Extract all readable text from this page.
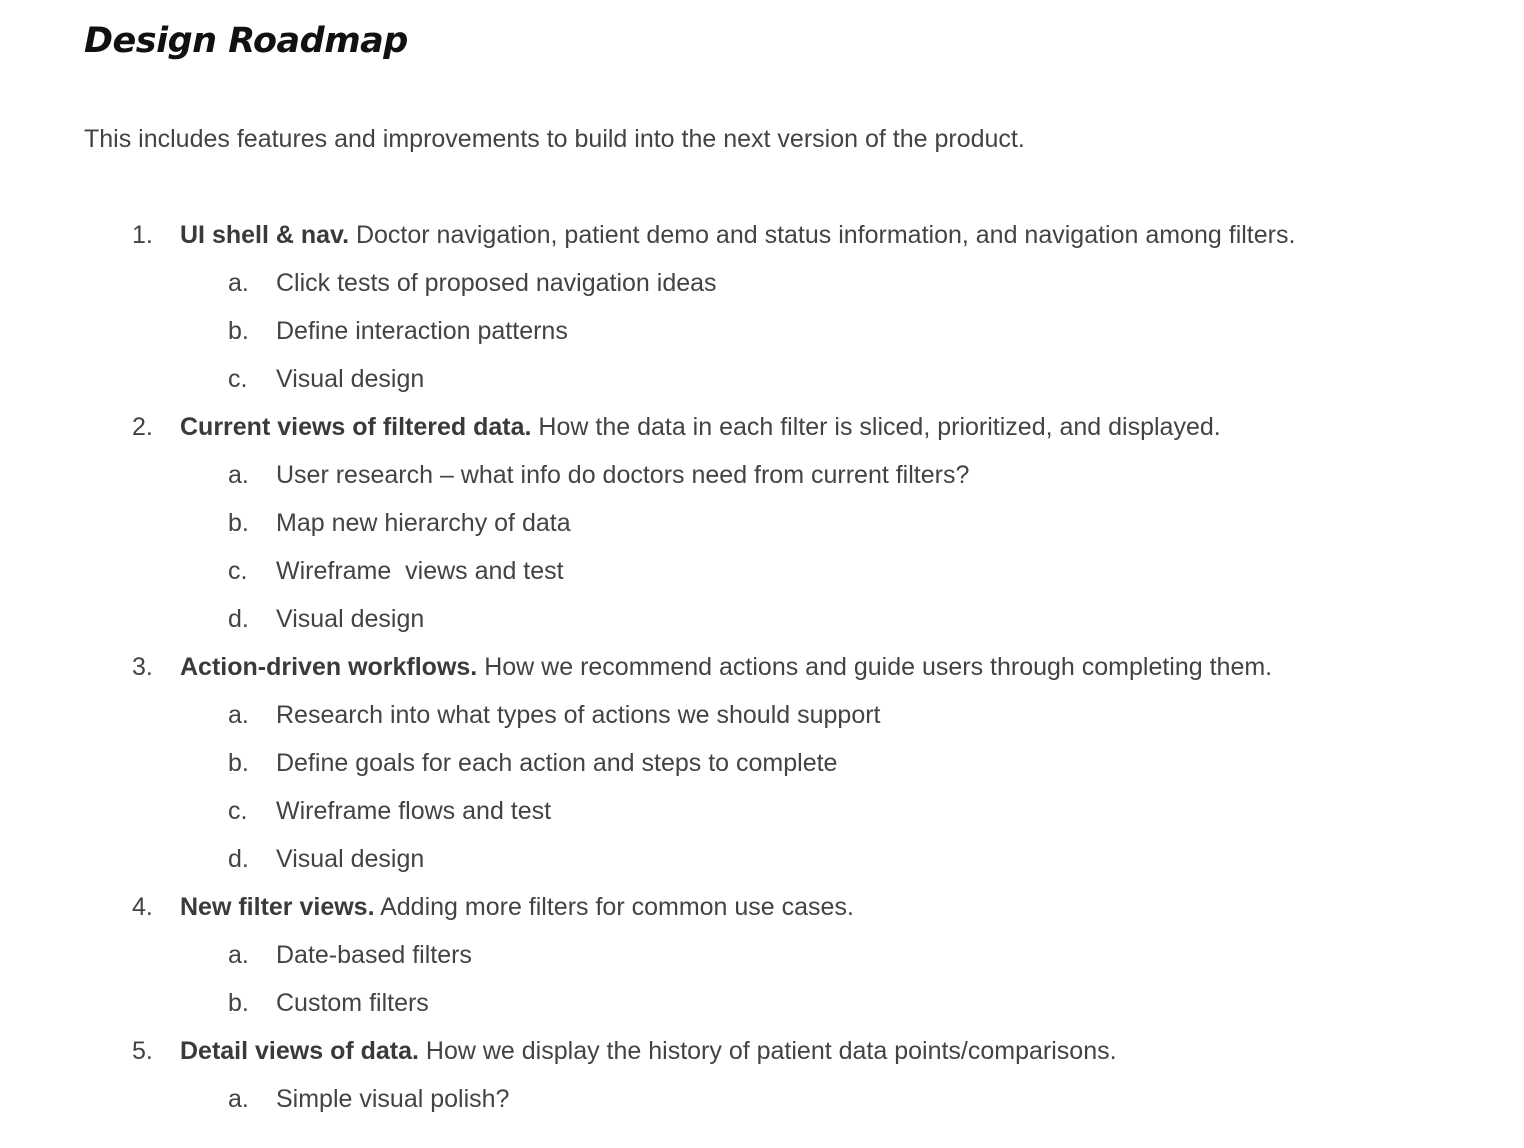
Design Roadmap

This includes features and improvements to build into the next version of the product.

1. UI shell & nav. Doctor navigation, patient demo and status information, and navigation among filters.
a. Click tests of proposed navigation ideas
b. Define interaction patterns
c. Visual design
2. Current views of filtered data. How the data in each filter is sliced, prioritized, and displayed.
a. User research – what info do doctors need from current filters?
b. Map new hierarchy of data
c. Wireframe  views and test
d. Visual design
3. Action-driven workflows. How we recommend actions and guide users through completing them.
a. Research into what types of actions we should support
b. Define goals for each action and steps to complete
c. Wireframe flows and test
d. Visual design
4. New filter views. Adding more filters for common use cases.
a. Date-based filters
b. Custom filters
5. Detail views of data. How we display the history of patient data points/comparisons.
a. Simple visual polish?
